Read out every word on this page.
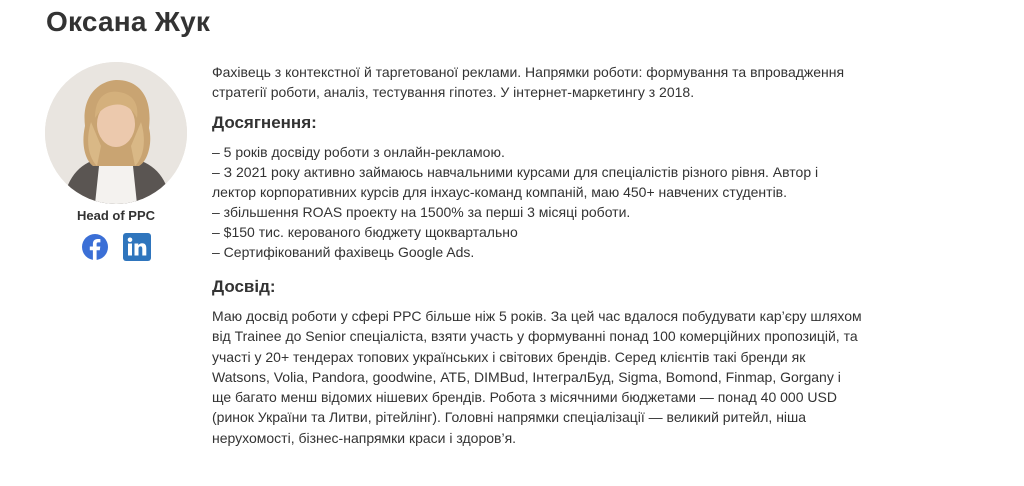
Оксана Жук
Head of PPC

Фахівець з контекстної й таргетованої реклами. Напрямки роботи: формування та впровадження стратегії роботи, аналіз, тестування гіпотез. У інтернет-маркетингу з 2018.

Досягнення:
– 5 років досвіду роботи з онлайн-рекламою.
– З 2021 року активно займаюсь навчальними курсами для спеціалістів різного рівня. Автор і лектор корпоративних курсів для інхаус-команд компаній, маю 450+ навчених студентів.
– збільшення ROAS проекту на 1500% за перші 3 місяці роботи.
– $150 тис. керованого бюджету щоквартально
– Сертифікований фахівець Google Ads.
Досвід:

Маю досвід роботи у сфері PPC більше ніж 5 років. За цей час вдалося побудувати кар’єру шляхом від Trainee до Senior спеціаліста, взяти участь у формуванні понад 100 комерційних пропозицій, та участі у 20+ тендерах топових українських і світових брендів. Серед клієнтів такі бренди як Watsons, Volia, Pandora, goodwine, АТБ, DIMBud, ІнтегралБуд, Sigma, Bomond, Finmap, Gorgany і ще багато менш відомих нішевих брендів. Робота з місячними бюджетами — понад 40 000 USD (ринок України та Литви, рітейлінг). Головні напрямки спеціалізації — великий ритейл, ніша нерухомості, бізнес-напрямки краси і здоров’я.
